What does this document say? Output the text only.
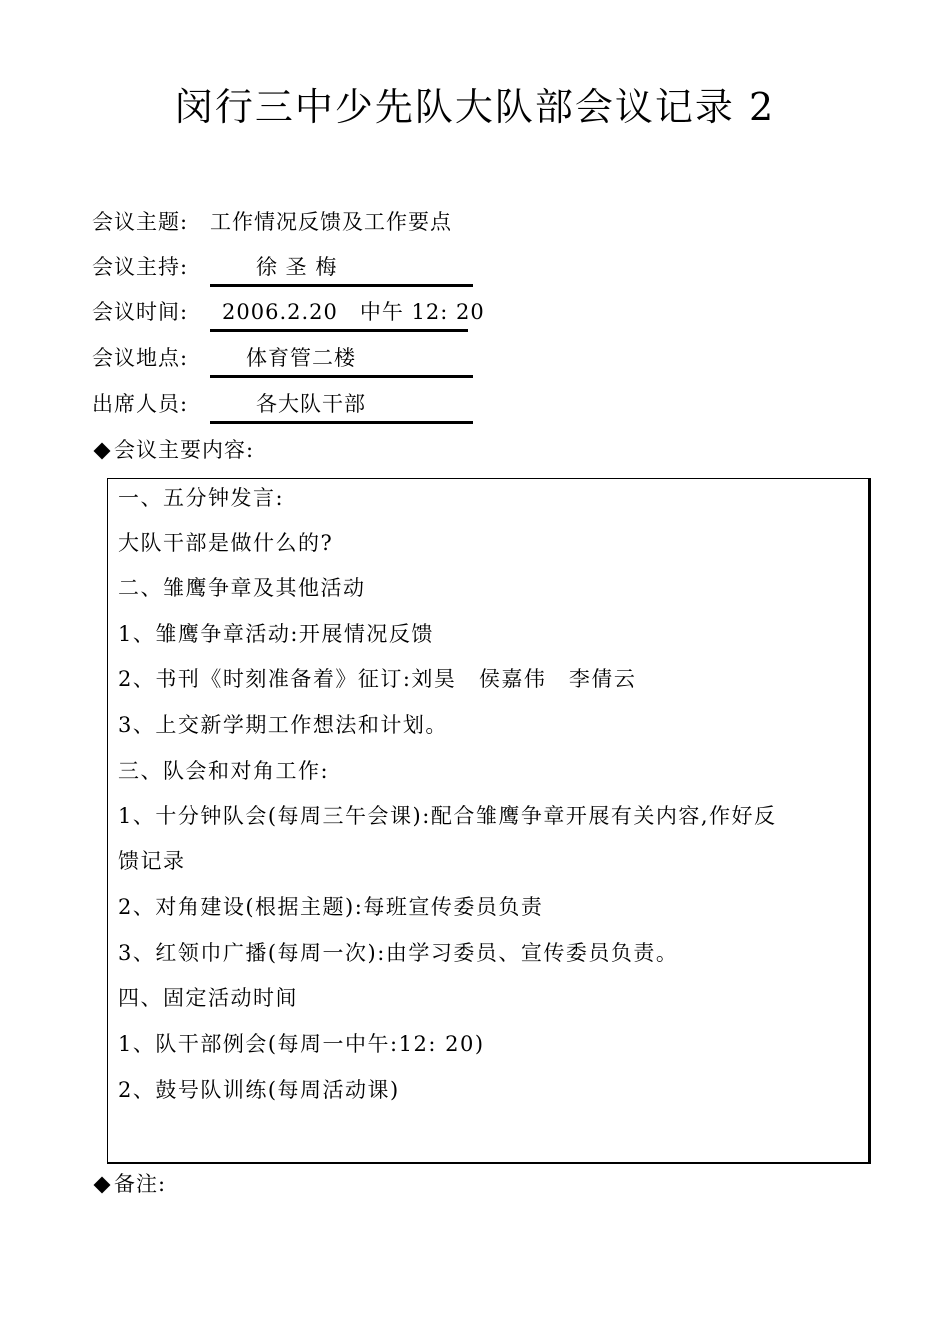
闵行三中少先队大队部会议记录 2
会议主题: 工作情况反馈及工作要点
会议主持:	徐 圣 梅
会议时间:	2006.2.20　中午 12: 20
会议地点:	体育管二楼
出席人员:	各大队干部
会议主要内容:
一、五分钟发言:
大队干部是做什么的?
二、雏鹰争章及其他活动
1、雏鹰争章活动:开展情况反馈
2、书刊《时刻准备着》征订:刘昊　侯嘉伟　李倩云
3、上交新学期工作想法和计划。
三、队会和对角工作:
1、十分钟队会(每周三午会课):配合雏鹰争章开展有关内容,作好反
馈记录
2、对角建设(根据主题):每班宣传委员负责
3、红领巾广播(每周一次):由学习委员、宣传委员负责。
四、固定活动时间
1、队干部例会(每周一中午:12: 20)
2、鼓号队训练(每周活动课)
备注:
